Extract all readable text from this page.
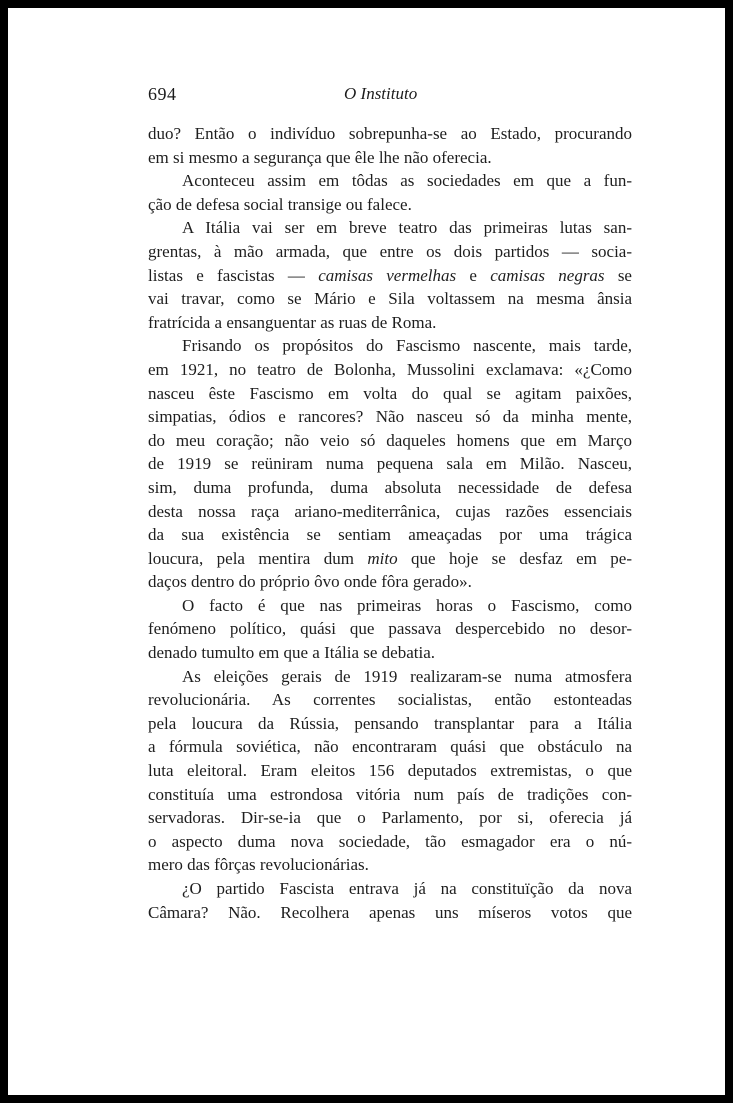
694	O Instituto
duo? Então o indivíduo sobrepunha-se ao Estado, procurando
em si mesmo a segurança que êle lhe não oferecia.
Aconteceu assim em tôdas as sociedades em que a fun-
ção de defesa social transige ou falece.
A Itália vai ser em breve teatro das primeiras lutas san-
grentas, à mão armada, que entre os dois partidos — socia-
listas e fascistas — camisas vermelhas e camisas negras se
vai travar, como se Mário e Sila voltassem na mesma ânsia
fratrícida a ensanguentar as ruas de Roma.
Frisando os propósitos do Fascismo nascente, mais tarde,
em 1921, no teatro de Bolonha, Mussolini exclamava: «¿Como
nasceu êste Fascismo em volta do qual se agitam paixões,
simpatias, ódios e rancores? Não nasceu só da minha mente,
do meu coração; não veio só daqueles homens que em Março
de 1919 se reüniram numa pequena sala em Milão. Nasceu,
sim, duma profunda, duma absoluta necessidade de defesa
desta nossa raça ariano-mediterrânica, cujas razões essenciais
da sua existência se sentiam ameaçadas por uma trágica
loucura, pela mentira dum mito que hoje se desfaz em pe-
daços dentro do próprio ôvo onde fôra gerado».
O facto é que nas primeiras horas o Fascismo, como
fenómeno político, quási que passava despercebido no desor-
denado tumulto em que a Itália se debatia.
As eleições gerais de 1919 realizaram-se numa atmosfera
revolucionária. As correntes socialistas, então estonteadas
pela loucura da Rússia, pensando transplantar para a Itália
a fórmula soviética, não encontraram quási que obstáculo na
luta eleitoral. Eram eleitos 156 deputados extremistas, o que
constituía uma estrondosa vitória num país de tradições con-
servadoras. Dir-se-ia que o Parlamento, por si, oferecia já
o aspecto duma nova sociedade, tão esmagador era o nú-
mero das fôrças revolucionárias.
¿O partido Fascista entrava já na constituïção da nova
Câmara? Não. Recolhera apenas uns míseros votos que
